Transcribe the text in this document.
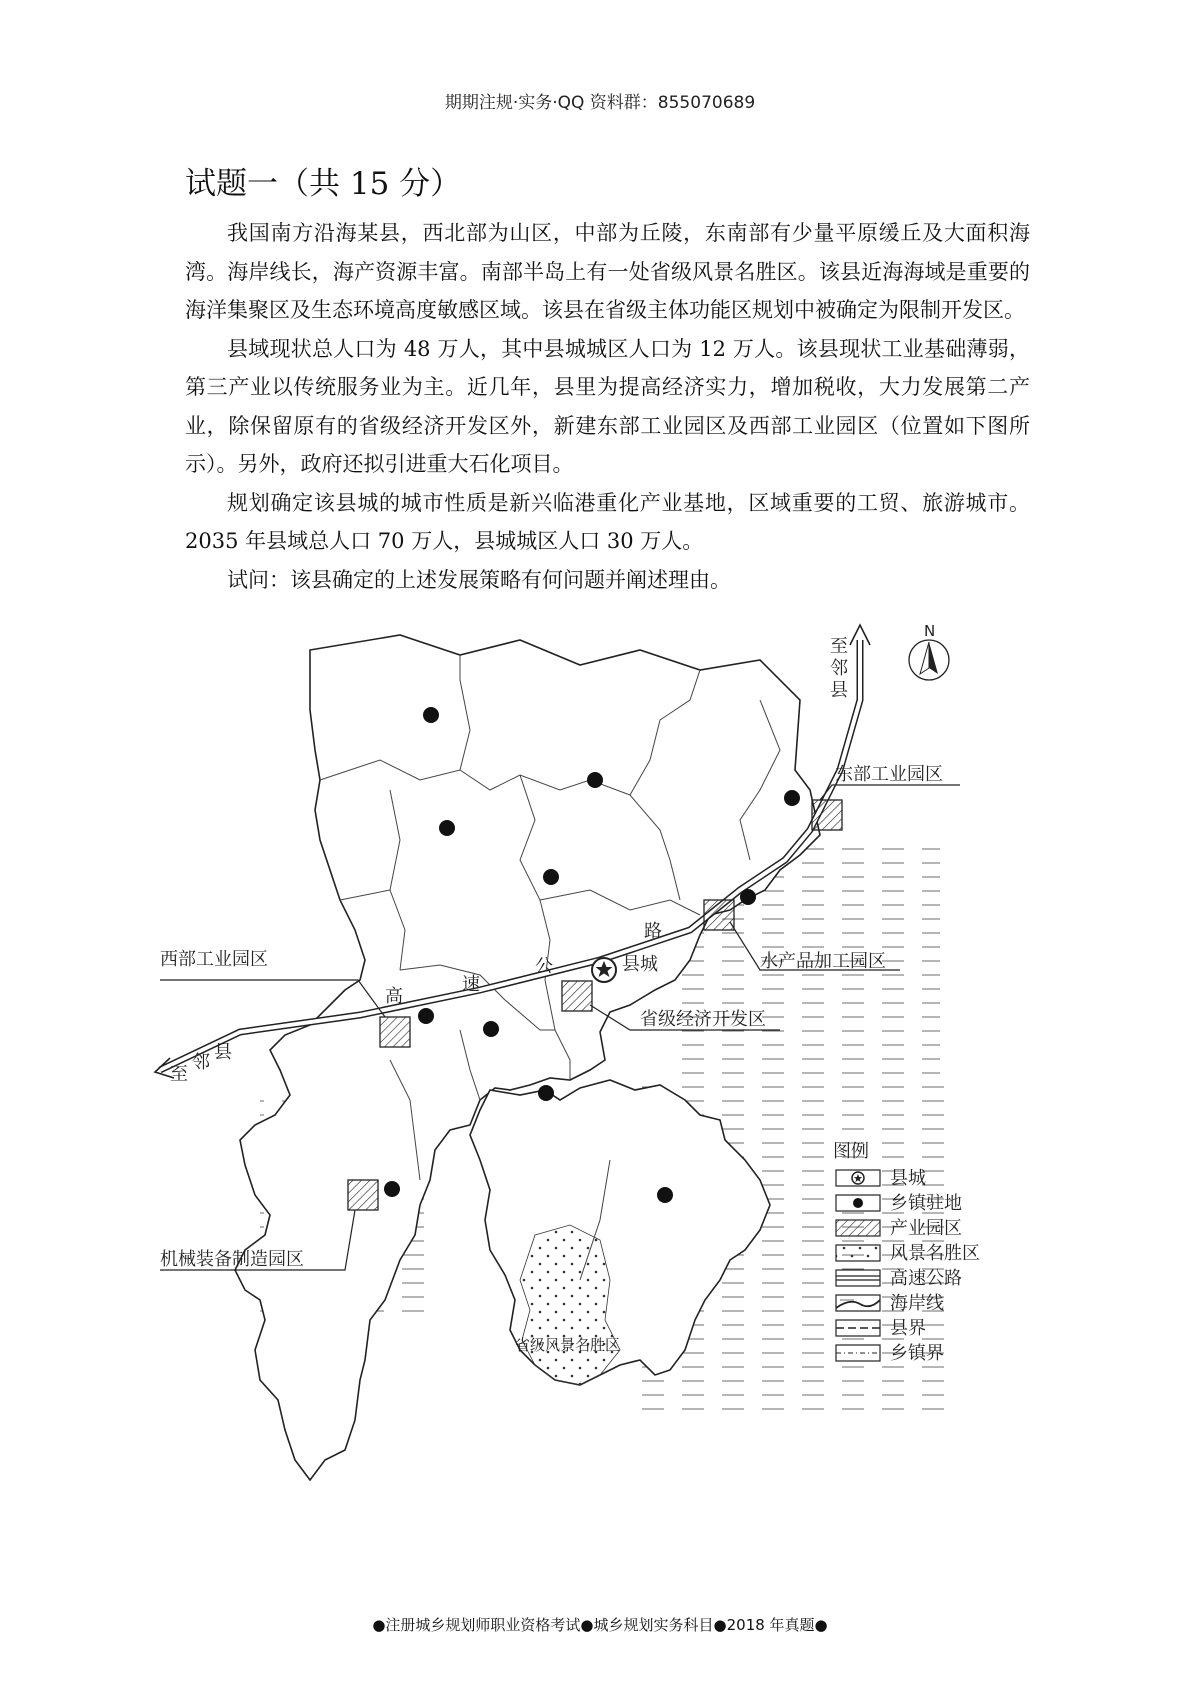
期期注规·实务·QQ 资料群：855070689
试题一（共 15 分）

我国南方沿海某县，西北部为山区，中部为丘陵，东南部有少量平原缓丘及大面积海湾。海岸线长，海产资源丰富。南部半岛上有一处省级风景名胜区。该县近海海域是重要的海洋集聚区及生态环境高度敏感区域。该县在省级主体功能区规划中被确定为限制开发区。

县域现状总人口为 48 万人，其中县城城区人口为 12 万人。该县现状工业基础薄弱，第三产业以传统服务业为主。近几年，县里为提高经济实力，增加税收，大力发展第二产业，除保留原有的省级经济开发区外，新建东部工业园区及西部工业园区（位置如下图所示）。另外，政府还拟引进重大石化项目。

规划确定该县城的城市性质是新兴临港重化产业基地，区域重要的工贸、旅游城市。2035 年县域总人口 70 万人，县城城区人口 30 万人。

试问：该县确定的上述发展策略有何问题并阐述理由。

省级风景名胜区
高
速
公
路
至
邻
县
至
邻 县
N
东部工业园区
水产品加工园区
省级经济开发区
西部工业园区
机械装备制造园区
县城
图例
县城
乡镇驻地
产业园区
风景名胜区
高速公路
海岸线
县界
乡镇界
●注册城乡规划师职业资格考试●城乡规划实务科目●2018 年真题●
